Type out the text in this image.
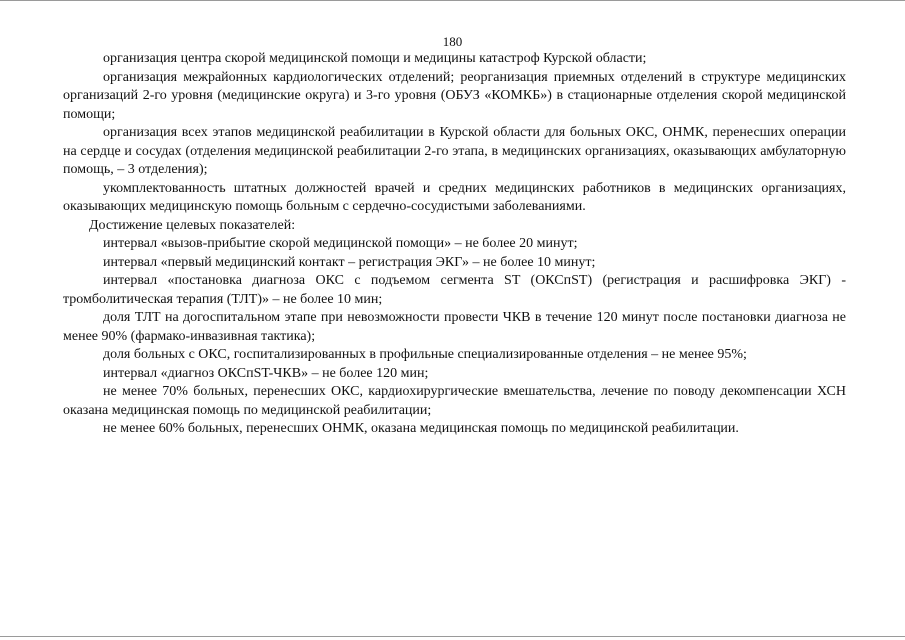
180

организация центра скорой медицинской помощи и медицины катастроф Курской области;

организация межрайонных кардиологических отделений; реорганизация приемных отделений в структуре медицинских организаций 2-го уровня (медицинские округа) и 3-го уровня (ОБУЗ «КОМКБ») в стационарные отделения скорой медицинской помощи;

организация всех этапов медицинской реабилитации в Курской области для больных ОКС, ОНМК, перенесших операции на сердце и сосудах (отделения медицинской реабилитации 2-го этапа, в медицинских организациях, оказывающих амбулаторную помощь, – 3 отделения);

укомплектованность штатных должностей врачей и средних медицинских работников в медицинских организациях, оказывающих медицинскую помощь больным с сердечно-сосудистыми заболеваниями.

Достижение целевых показателей:

интервал «вызов-прибытие скорой медицинской помощи» – не более 20 минут;

интервал «первый медицинский контакт – регистрация ЭКГ» – не более 10 минут;

интервал «постановка диагноза ОКС с подъемом сегмента ST (ОКСпST) (регистрация и расшифровка ЭКГ) - тромболитическая терапия (ТЛТ)» – не более 10 мин;

доля ТЛТ на догоспитальном этапе при невозможности провести ЧКВ в течение 120 минут после постановки диагноза не менее 90% (фармако-инвазивная тактика);

доля больных с ОКС, госпитализированных в профильные специализированные отделения – не менее 95%;

интервал «диагноз ОКСпST-ЧКВ» – не более 120 мин;

не менее 70% больных, перенесших ОКС, кардиохирургические вмешательства, лечение по поводу декомпенсации ХСН оказана медицинская помощь по медицинской реабилитации;

не менее 60% больных, перенесших ОНМК, оказана медицинская помощь по медицинской реабилитации.
